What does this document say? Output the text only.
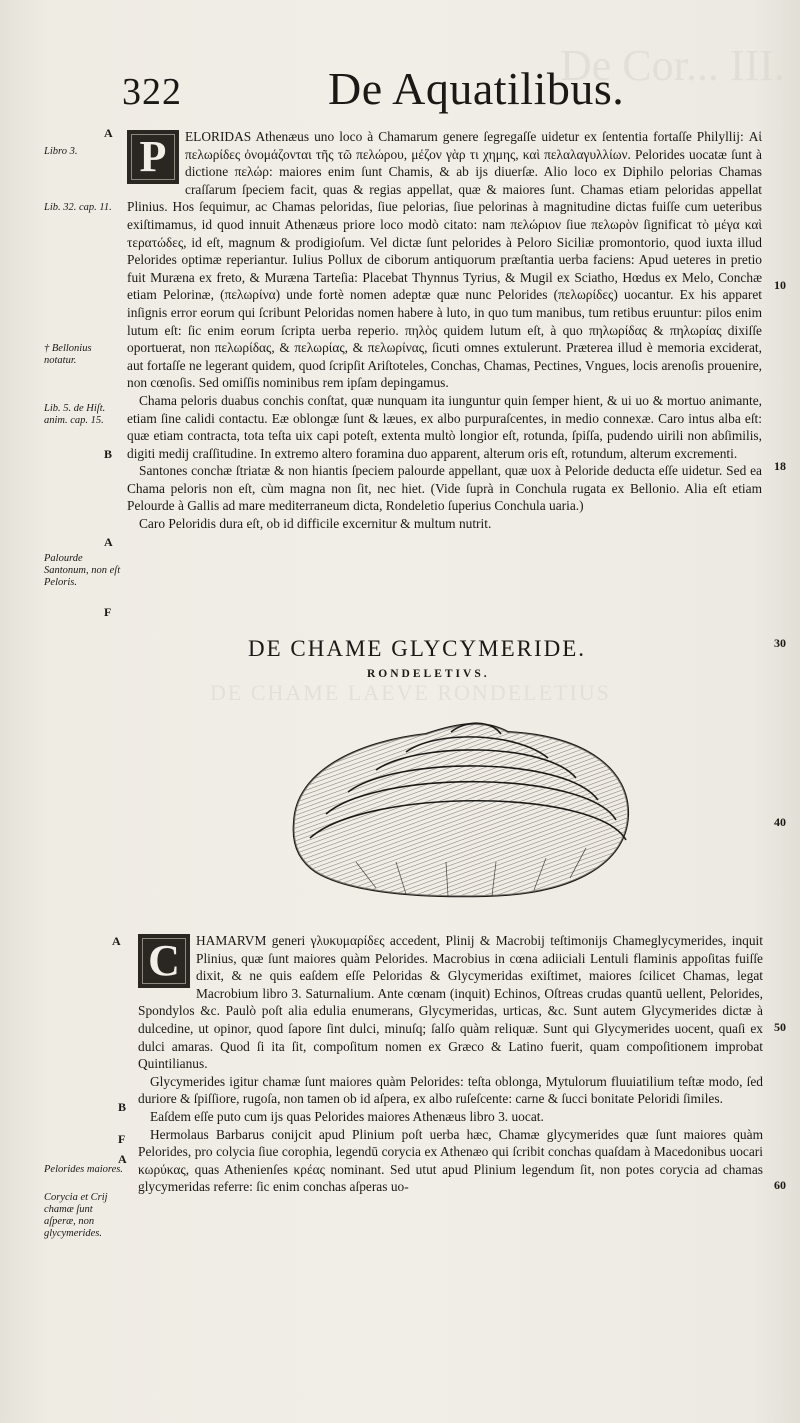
De Cor... III.
DE CHAME LAEVE RONDELETIUS
322	De Aquatilibus.
A
B
A
F
Libro 3.
Lib. 32. cap. 11.
† Bellonius notatur.
Lib. 5. de Hiſt. anim. cap. 15.
Palourde Santonum, non eſt Peloris.
10
18
30
40
50
60
P	ELORIDAS Athenæus uno loco à Chamarum genere ſegregaſſe uidetur ex ſententia fortaſſe Philyllij: Αἱ πελωρίδες ὀνομάζονται τῆς τῶ πελώρου, μέζον γὰρ τι χημης, καὶ πελαλαγυλλίων. Pelorides uocatæ ſunt à dictione πελώρ: maiores enim ſunt Chamis, & ab ijs diuerſæ. Alio loco ex Diphilo pelorias Chamas craſſarum ſpeciem facit, quas & regias appellat, quæ & maiores ſunt. Chamas etiam peloridas appellat Plinius. Hos ſequimur, ac Chamas peloridas, ſiue pelorias, ſiue pelorinas à magnitudine dictas fuiſſe cum ueteribus exiſtimamus, id quod innuit Athenæus priore loco modò citato: nam πελώριον ſiue πελωρὸν ſignificat τὸ μέγα καὶ τερατώδες, id eſt, magnum & prodigioſum. Vel dictæ ſunt pelorides à Peloro Siciliæ promontorio, quod iuxta illud Pelorides optimæ reperiantur. Iulius Pollux de ciborum antiquorum præſtantia uerba faciens: Apud ueteres in pretio fuit Muræna ex freto, & Muræna Tarteſia: Placebat Thynnus Tyrius, & Mugil ex Sciatho, Hœdus ex Melo, Conchæ etiam Pelorinæ, (πελωρίνα) unde fortè nomen adeptæ quæ nunc Pelorides (πελωρίδες) uocantur. Ex his apparet inſignis error eorum qui ſcribunt Peloridas nomen habere à luto, in quo tum manibus, tum retibus eruuntur: pilos enim lutum eſt: ſic enim eorum ſcripta uerba reperio. πηλὸς quidem lutum eſt, à quo πηλωρίδας & πηλωρίας dixiſſe oportuerat, non πελωρίδας, & πελωρίας, & πελωρίνας, ſicuti omnes extulerunt. Præterea illud è memoria exciderat, aut fortaſſe ne legerant quidem, quod ſcripſit Ariſtoteles, Conchas, Chamas, Pectines, Vngues, locis arenoſis prouenire, non cœnoſis. Sed omiſſis nominibus rem ipſam depingamus.

Chama peloris duabus conchis conſtat, quæ nunquam ita iunguntur quin ſemper hient, & ui uo & mortuo animante, etiam ſine calidi contactu. Eæ oblongæ ſunt & læues, ex albo purpuraſcentes, in medio connexæ. Caro intus alba eſt: quæ etiam contracta, tota teſta uix capi poteſt, extenta multò longior eſt, rotunda, ſpiſſa, pudendo uirili non abſimilis, digiti medij craſſitudine. In extremo altero foramina duo apparent, alterum oris eſt, rotundum, alterum excrementi.

Santones conchæ ſtriatæ & non hiantis ſpeciem palourde appellant, quæ uox à Peloride deducta eſſe uidetur. Sed ea Chama peloris non eſt, cùm magna non ſit, nec hiet. (Vide ſuprà in Conchula rugata ex Bellonio. Alia eſt etiam Pelourde à Gallis ad mare mediterraneum dicta, Rondeletio ſuperius Conchula uaria.)

Caro Peloridis dura eſt, ob id difficile excernitur & multum nutrit.

DE CHAME GLYCYMERIDE.
RONDELETIVS.
A
B
F
A
Pelorides maiores.
Corycia et Crij chamæ ſunt aſperæ, non glycymerides.
C	HAMARVM generi γλυκυμαρίδες accedent, Plinij & Macrobij teſtimonijs Chameglycymerides, inquit Plinius, quæ ſunt maiores quàm Pelorides. Macrobius in cœna adiiciali Lentuli flaminis appoſitas fuiſſe dixit, & ne quis eaſdem eſſe Peloridas & Glycymeridas exiſtimet, maiores ſcilicet Chamas, legat Macrobium libro 3. Saturnalium. Ante cœnam (inquit) Echinos, Oſtreas crudas quantū uellent, Pelorides, Spondylos &c. Paulò poſt alia edulia enumerans, Glycymeridas, urticas, &c. Sunt autem Glycymerides dictæ à dulcedine, ut opinor, quod ſapore ſint dulci, minuſq; ſalſo quàm reliquæ. Sunt qui Glycymerides uocent, quaſi ex dulci amaras. Quod ſi ita ſit, compoſitum nomen ex Græco & Latino fuerit, quam compoſitionem improbat Quintilianus.

Glycymerides igitur chamæ ſunt maiores quàm Pelorides: teſta oblonga, Mytulorum fluuiatilium teſtæ modo, ſed duriore & ſpiſſiore, rugoſa, non tamen ob id aſpera, ex albo ruſeſcente: carne & ſucci bonitate Peloridi ſimiles.

Eaſdem eſſe puto cum ijs quas Pelorides maiores Athenæus libro 3. uocat.

Hermolaus Barbarus conijcit apud Plinium poſt uerba hæc, Chamæ glycymerides quæ ſunt maiores quàm Pelorides, pro colycia ſiue corophia, legendū coryciа ex Athenæo qui ſcribit conchas quaſdam à Macedonibus uocari κωρύκας, quas Athenienſes κρέας nominant. Sed utut apud Plinium legendum ſit, non potes corycia ad chamas glycymeridas referre: ſic enim conchas aſperas uo-
